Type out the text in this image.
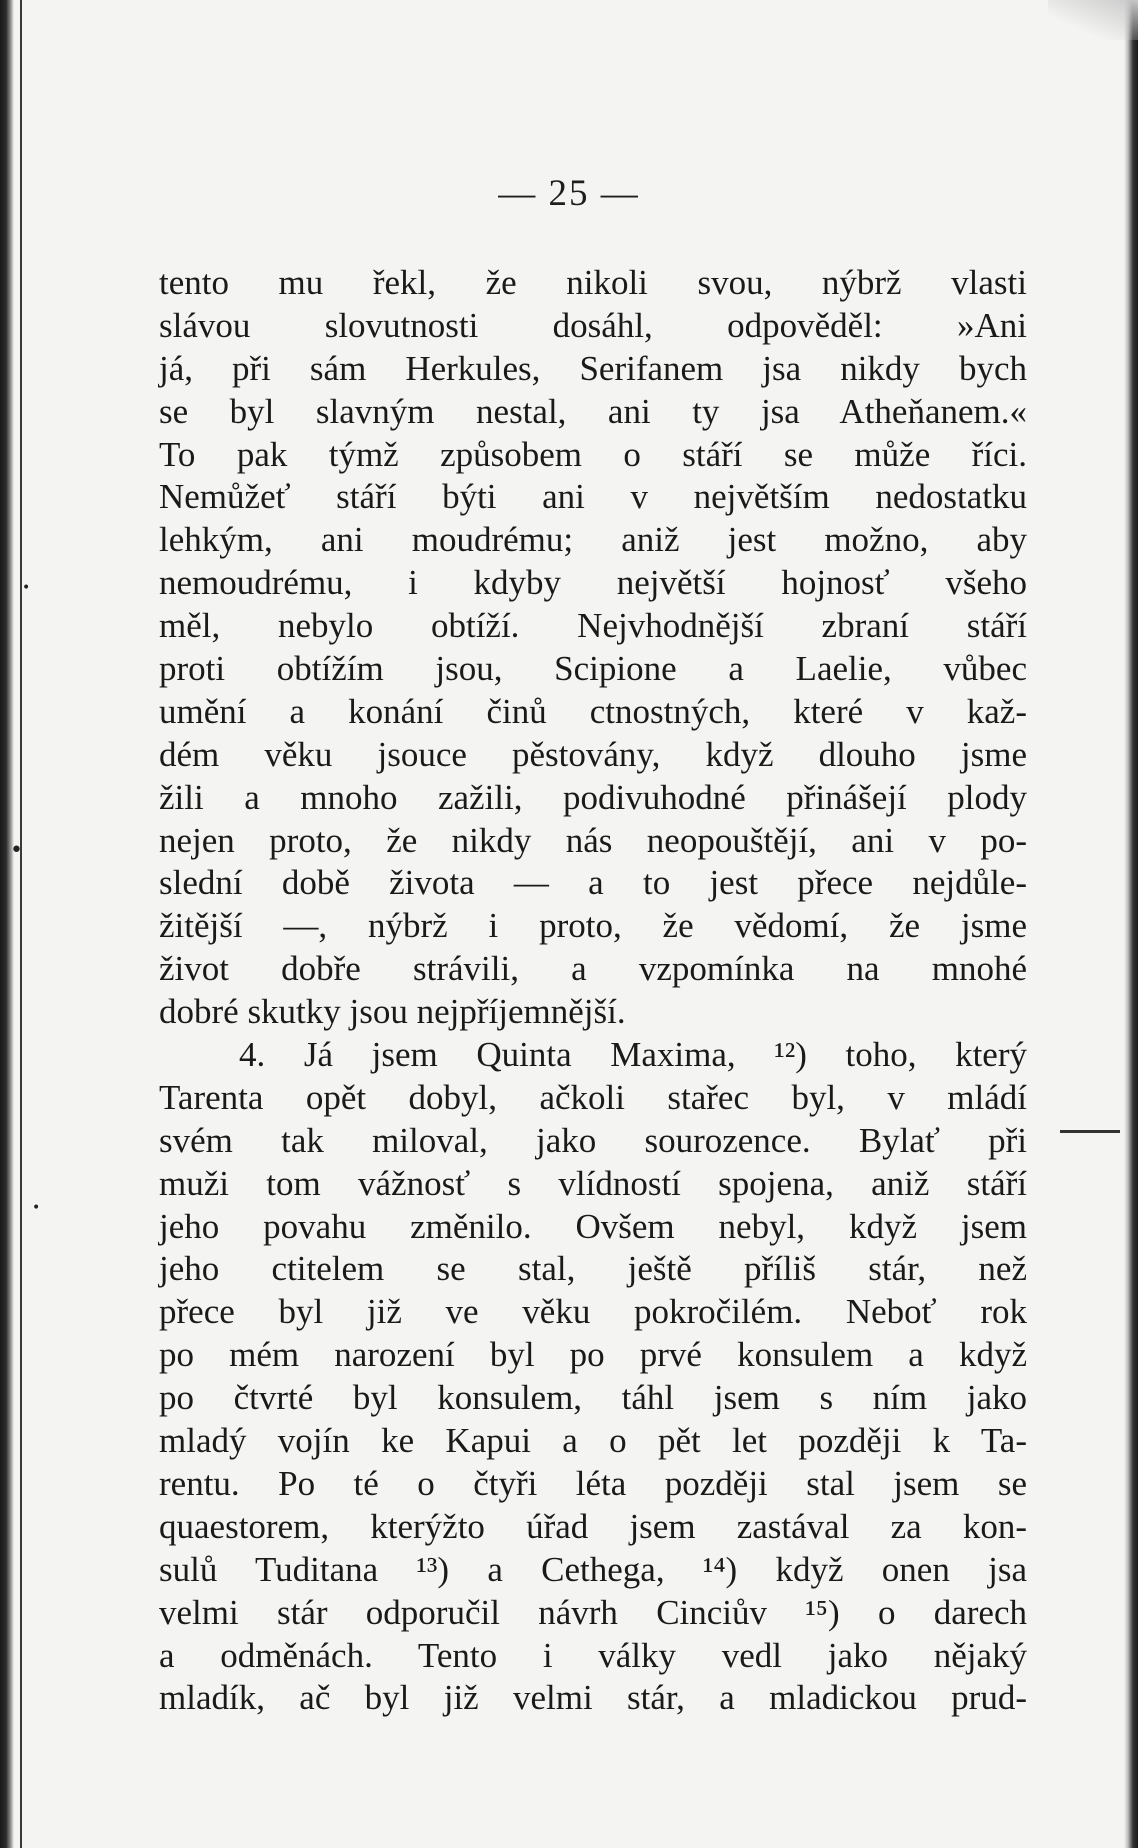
•
•
•
— 25 —
tento mu řekl, že nikoli svou, nýbrž vlasti
slávou slovutnosti dosáhl, odpověděl: »Ani
já, při sám Herkules, Serifanem jsa nikdy bych
se byl slavným nestal, ani ty jsa Atheňanem.«
To pak týmž způsobem o stáří se může říci.
Nemůžeť stáří býti ani v největším nedostatku
lehkým, ani moudrému; aniž jest možno, aby
nemoudrému, i kdyby největší hojnosť všeho
měl, nebylo obtíží. Nejvhodnější zbraní stáří
proti obtížím jsou, Scipione a Laelie, vůbec
umění a konání činů ctnostných, které v kaž-
dém věku jsouce pěstovány, když dlouho jsme
žili a mnoho zažili, podivuhodné přinášejí plody
nejen proto, že nikdy nás neopouštějí, ani v po-
slední době života — a to jest přece nejdůle-
žitější —, nýbrž i proto, že vědomí, že jsme
život dobře strávili, a vzpomínka na mnohé
dobré skutky jsou nejpříjemnější.
4. Já jsem Quinta Maxima, ¹²) toho, který
Tarenta opět dobyl, ačkoli stařec byl, v mládí
svém tak miloval, jako sourozence. Bylať při
muži tom vážnosť s vlídností spojena, aniž stáří
jeho povahu změnilo. Ovšem nebyl, když jsem
jeho ctitelem se stal, ještě příliš stár, než
přece byl již ve věku pokročilém. Neboť rok
po mém narození byl po prvé konsulem a když
po čtvrté byl konsulem, táhl jsem s ním jako
mladý vojín ke Kapui a o pět let později k Ta-
rentu. Po té o čtyři léta později stal jsem se
quaestorem, kterýžto úřad jsem zastával za kon-
sulů Tuditana ¹³) a Cethega, ¹⁴) když onen jsa
velmi stár odporučil návrh Cinciův ¹⁵) o darech
a odměnách. Tento i války vedl jako nějaký
mladík, ač byl již velmi stár, a mladickou prud-
